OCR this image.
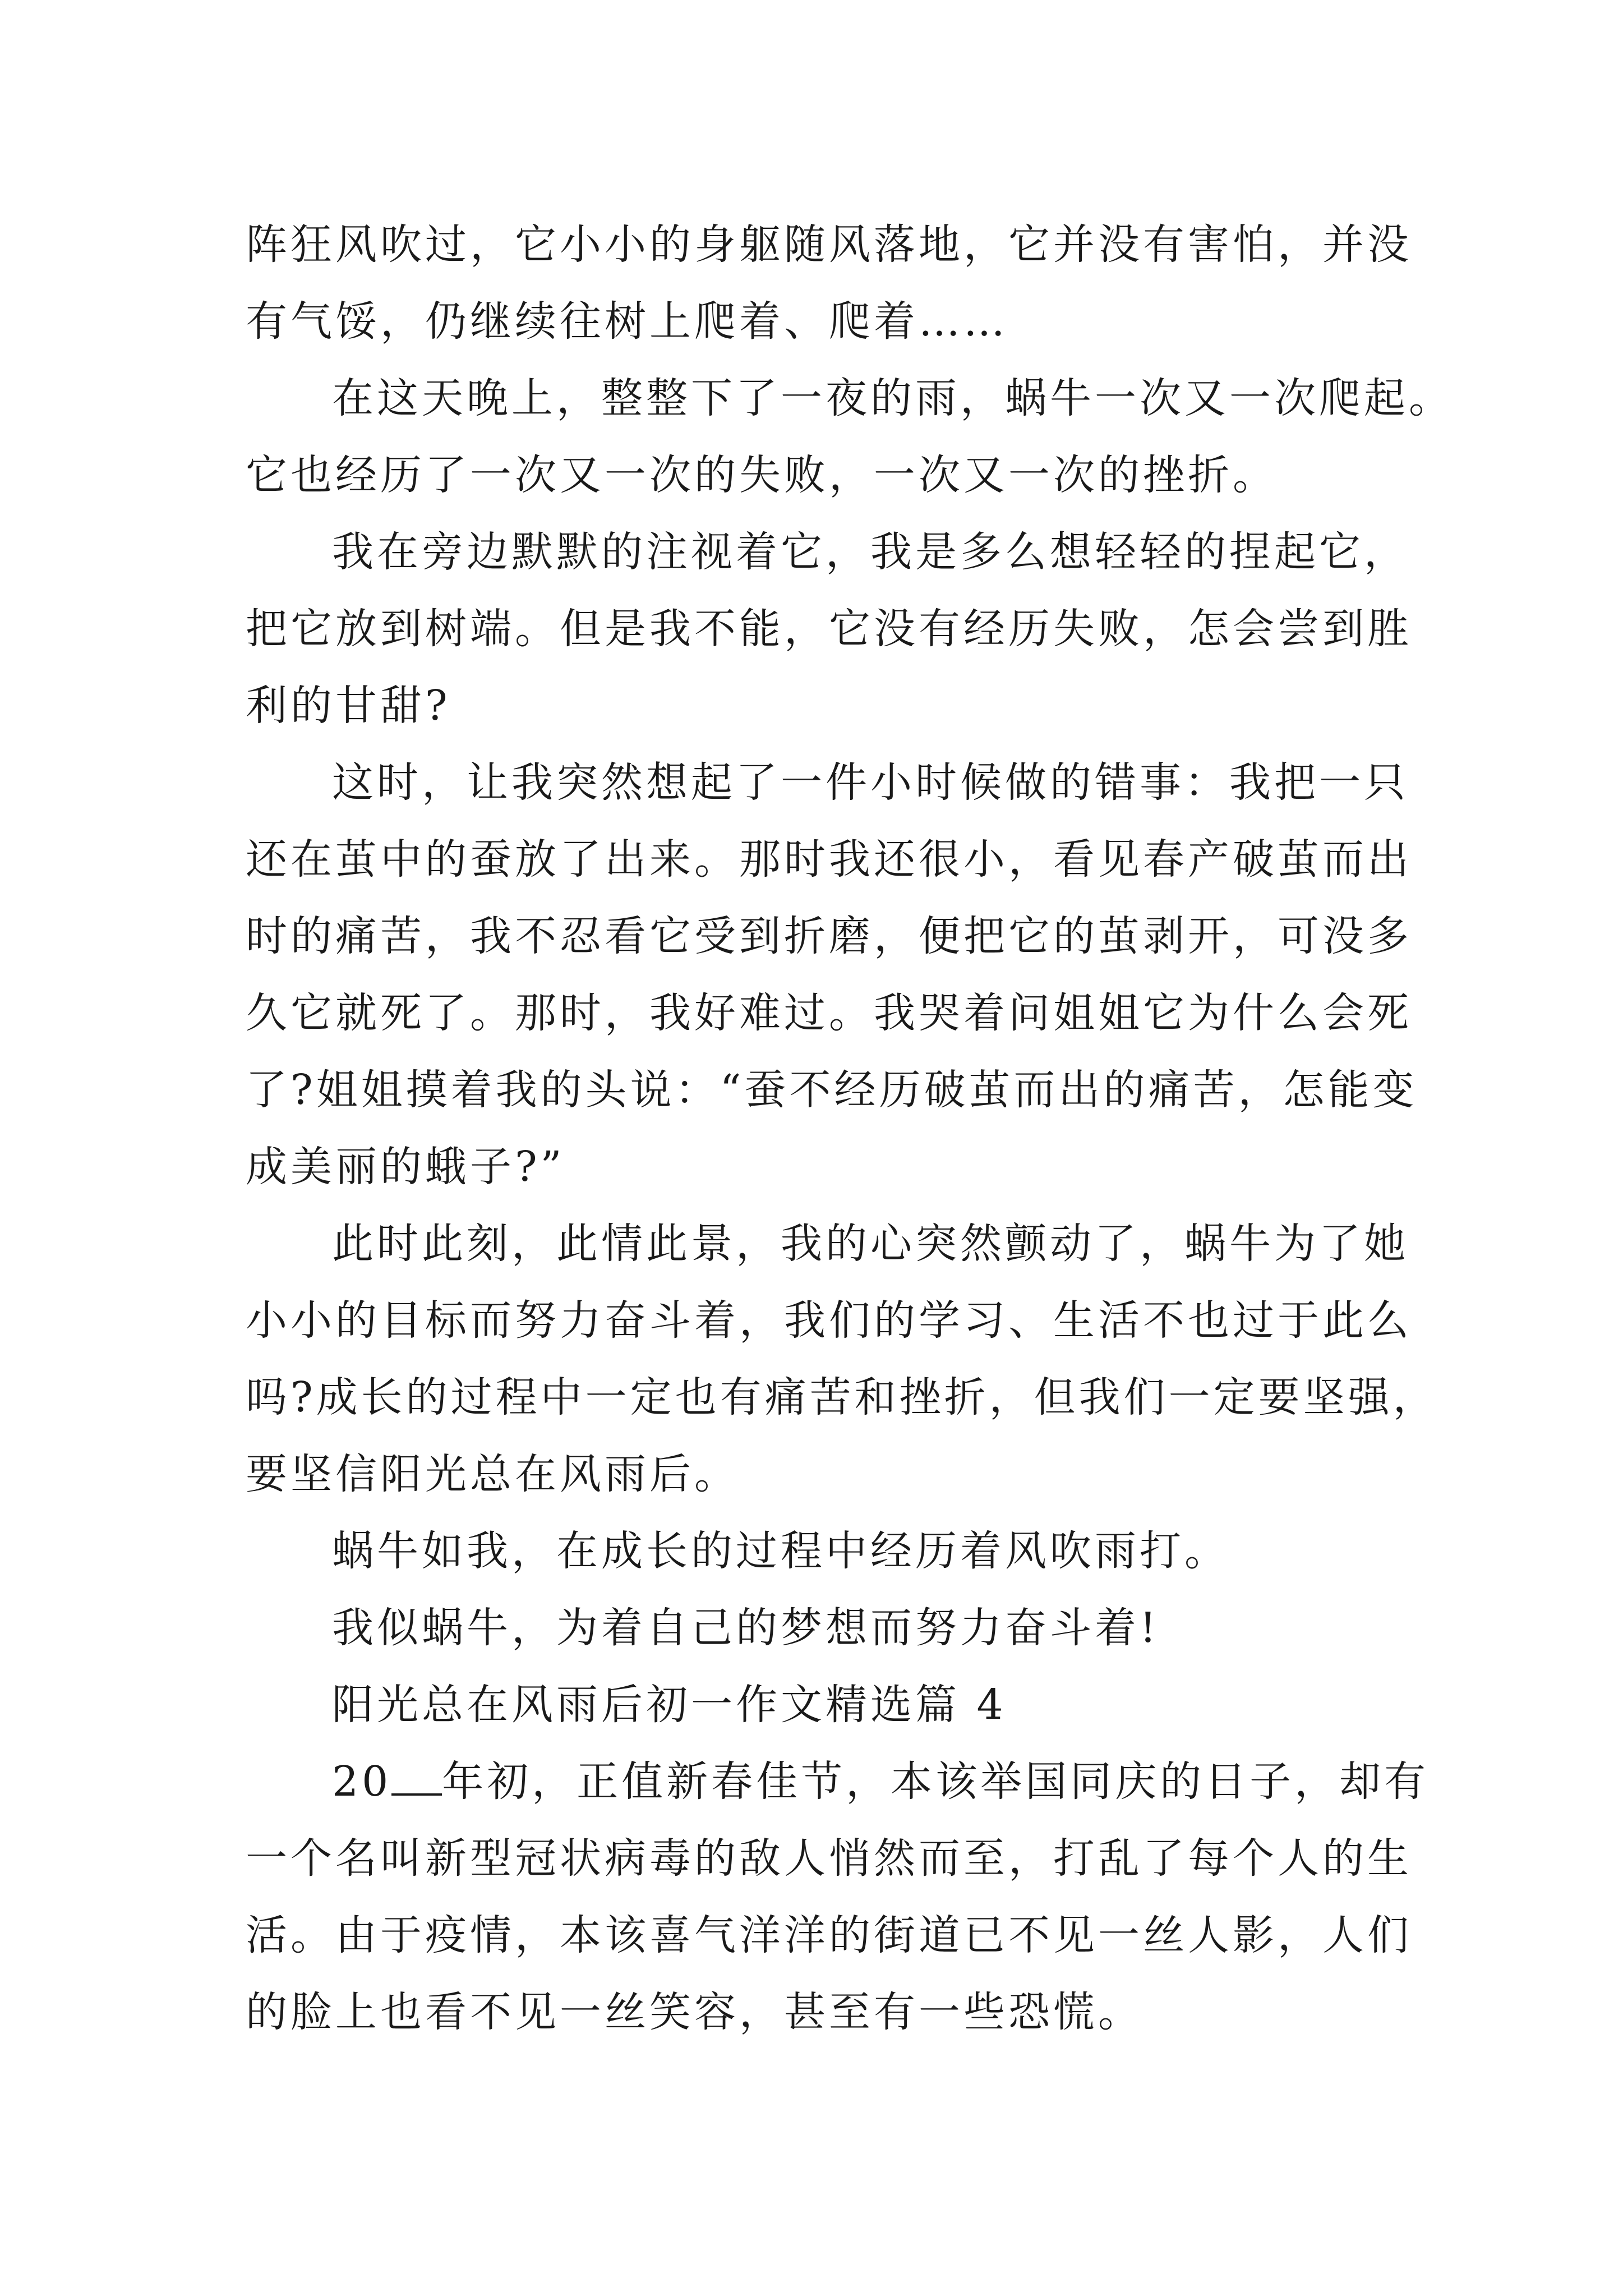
阵狂风吹过，它小小的身躯随风落地，它并没有害怕，并没
有气馁，仍继续往树上爬着、爬着……
在这天晚上，整整下了一夜的雨，蜗牛一次又一次爬起。
它也经历了一次又一次的失败，一次又一次的挫折。
我在旁边默默的注视着它，我是多么想轻轻的捏起它，
把它放到树端。但是我不能，它没有经历失败，怎会尝到胜
利的甘甜?
这时，让我突然想起了一件小时候做的错事：我把一只
还在茧中的蚕放了出来。那时我还很小，看见春产破茧而出
时的痛苦，我不忍看它受到折磨，便把它的茧剥开，可没多
久它就死了。那时，我好难过。我哭着问姐姐它为什么会死
了?姐姐摸着我的头说：“蚕不经历破茧而出的痛苦，怎能变
成美丽的蛾子?”
此时此刻，此情此景，我的心突然颤动了，蜗牛为了她
小小的目标而努力奋斗着，我们的学习、生活不也过于此么
吗?成长的过程中一定也有痛苦和挫折，但我们一定要坚强，
要坚信阳光总在风雨后。
蜗牛如我，在成长的过程中经历着风吹雨打。
我似蜗牛，为着自己的梦想而努力奋斗着!
阳光总在风雨后初一作文精选篇 4
20 年初，正值新春佳节，本该举国同庆的日子，却有
一个名叫新型冠状病毒的敌人悄然而至，打乱了每个人的生
活。由于疫情，本该喜气洋洋的街道已不见一丝人影，人们
的脸上也看不见一丝笑容，甚至有一些恐慌。
